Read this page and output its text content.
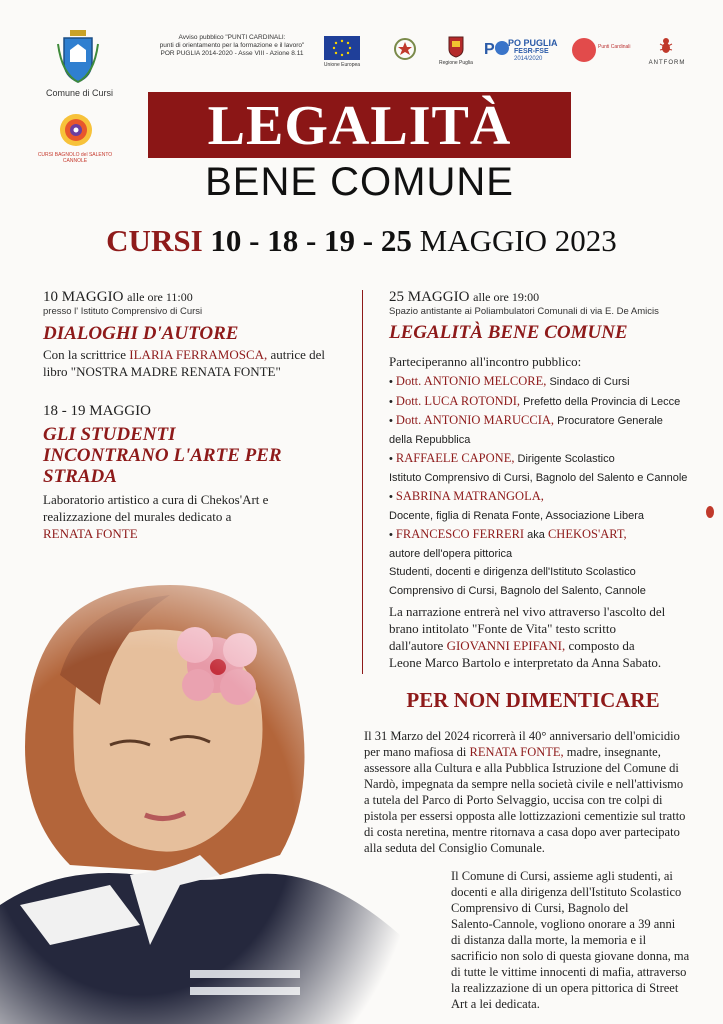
Comune di Cursi
CURSI BAGNOLO del SALENTO CANNOLE
Avviso pubblico "PUNTI CARDINALI:
punti di orientamento per la formazione e il lavoro"
POR PUGLIA 2014-2020 - Asse VIII - Azione 8.11
Unione Europea	Regione Puglia
P PO PUGLIA
FESR-FSE
2014/2020
Punti Cardinali
ANTFORM
LEGALITÀ
BENE COMUNE
CURSI 10 - 18 - 19 - 25 MAGGIO 2023
10 MAGGIO alle ore 11:00
presso l' Istituto Comprensivo di Cursi
DIALOGHI D'AUTORE
Con la scrittrice ILARIA FERRAMOSCA, autrice del
libro "NOSTRA MADRE RENATA FONTE"
18 - 19 MAGGIO
GLI STUDENTI
INCONTRANO L'ARTE PER
STRADA
Laboratorio artistico a cura di Chekos'Art e
realizzazione del murales dedicato a
RENATA FONTE
25 MAGGIO alle ore 19:00
Spazio antistante ai Poliambulatori Comunali di via E. De Amicis
LEGALITÀ BENE COMUNE
Parteciperanno all'incontro pubblico:
• Dott. ANTONIO MELCORE, Sindaco di Cursi
• Dott. LUCA ROTONDI, Prefetto della Provincia di Lecce
• Dott. ANTONIO MARUCCIA, Procuratore Generale
della Repubblica
• RAFFAELE CAPONE, Dirigente Scolastico
Istituto Comprensivo di Cursi, Bagnolo del Salento e Cannole
• SABRINA MATRANGOLA,
Docente, figlia di Renata Fonte, Associazione Libera
• FRANCESCO FERRERI aka CHEKOS'ART,
autore dell'opera pittorica
Studenti, docenti e dirigenza dell'Istituto Scolastico
Comprensivo di Cursi, Bagnolo del Salento, Cannole
La narrazione entrerà nel vivo attraverso l'ascolto del
brano intitolato "Fonte de Vita" testo scritto
dall'autore GIOVANNI EPIFANI, composto da
Leone Marco Bartolo e interpretato da Anna Sabato.
PER NON DIMENTICARE
Il 31 Marzo del 2024 ricorrerà il 40° anniversario dell'omicidio
per mano mafiosa di RENATA FONTE, madre, insegnante,
assessore alla Cultura e alla Pubblica Istruzione del Comune di
Nardò, impegnata da sempre nella società civile e nell'attivismo
a tutela del Parco di Porto Selvaggio, uccisa con tre colpi di
pistola per essersi opposta alle lottizzazioni cementizie sul tratto
di costa neretina, mentre ritornava a casa dopo aver partecipato
alla seduta del Consiglio Comunale.
Il Comune di Cursi, assieme agli studenti, ai
docenti e alla dirigenza dell'Istituto Scolastico
Comprensivo di Cursi, Bagnolo del
Salento-Cannole, vogliono onorare a 39 anni
di distanza dalla morte, la memoria e il
sacrificio non solo di questa giovane donna, ma
di tutte le vittime innocenti di mafia, attraverso
la realizzazione di un opera pittorica di Street
Art a lei dedicata.
